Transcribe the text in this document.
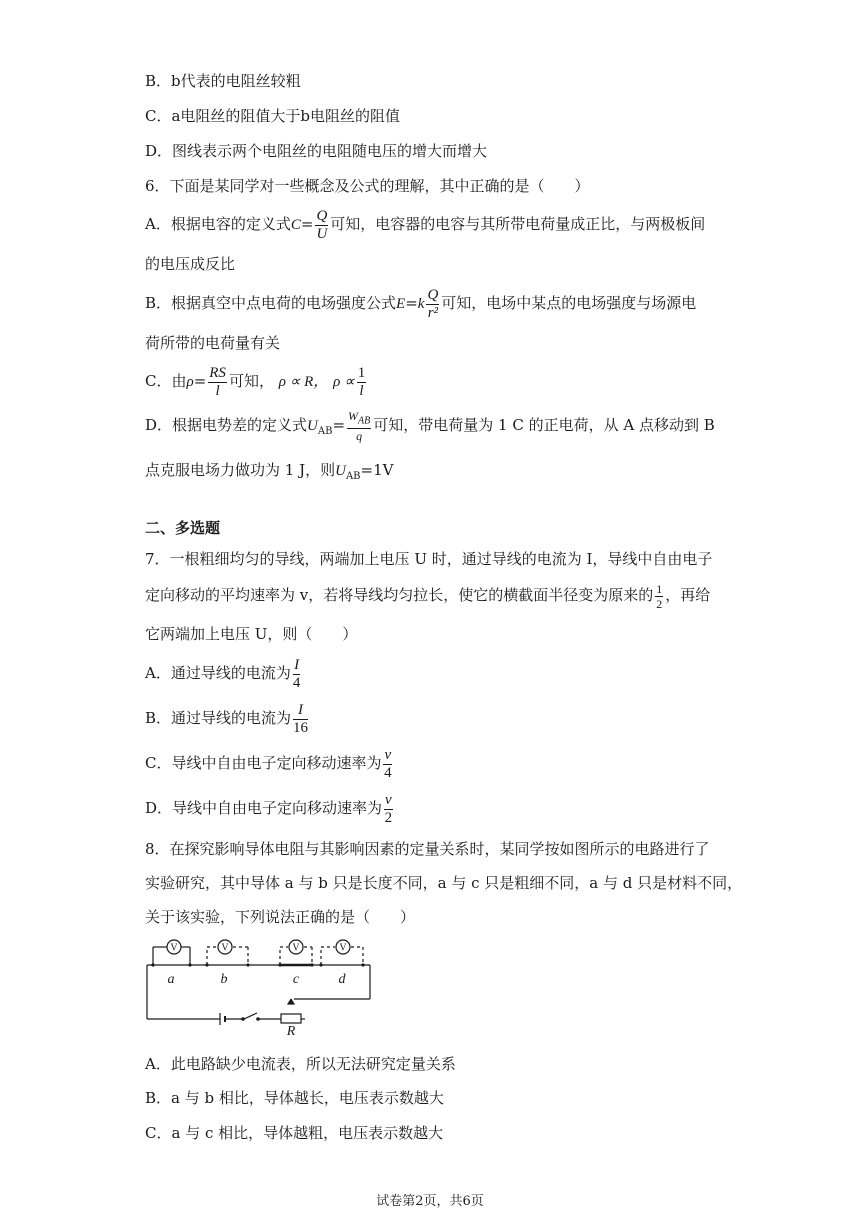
B．b代表的电阻丝较粗
C．a电阻丝的阻值大于b电阻丝的阻值
D．图线表示两个电阻丝的电阻随电压的增大而增大
6．下面是某同学对一些概念及公式的理解，其中正确的是（　　）
A．根据电容的定义式$C= \frac{Q}{U}$ 可知，电容器的电容与其所带电荷量成正比，与两极板间
的电压成反比
B．根据真空中点电荷的电场强度公式$E=k \frac{Q}{\text{r²}}$ 可知，电场中某点的电场强度与场源电
荷所带的电荷量有关
C．由$\rho= \frac{RS}{l}$ 可知， ρ ∝ R， $\rho \propto \frac{1}{l}$
D．根据电势差的定义式$U_{AB}= \frac{W_{AB}}{q}$ 可知，带电荷量为 1 C 的正电荷，从 A 点移动到 B
点克服电场力做功为 1 J，则$U_{AB}=1V$
二、多选题
7．一根粗细均匀的导线，两端加上电压 U 时，通过导线的电流为 I，导线中自由电子
定向移动的平均速率为 v，若将导线均匀拉长，使它的横截面半径变为原来的 $\frac{1}{2}$ ，再给
它两端加上电压 U，则（　　）
A．通过导线的电流为 $\frac{I}{4}$
B．通过导线的电流为 $\frac{I}{16}$
C．导线中自由电子定向移动速率为 $\frac{v}{4}$
D．导线中自由电子定向移动速率为 $\frac{v}{2}$
8．在探究影响导体电阻与其影响因素的定量关系时，某同学按如图所示的电路进行了
实验研究，其中导体 a 与 b 只是长度不同，a 与 c 只是粗细不同，a 与 d 只是材料不同，
关于该实验，下列说法正确的是（　　）
V	V	V	V
a	b	c	d
R
A．此电路缺少电流表，所以无法研究定量关系
B．a 与 b 相比，导体越长，电压表示数越大
C．a 与 c 相比，导体越粗，电压表示数越大
试卷第2页，共6页
